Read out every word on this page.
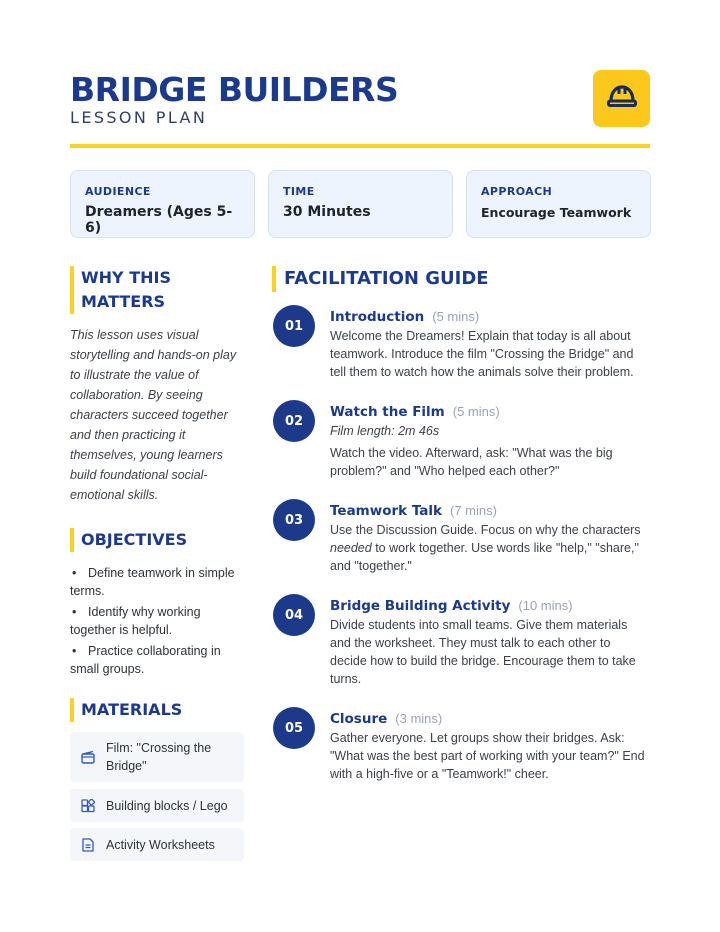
BRIDGE BUILDERS
LESSON PLAN
AUDIENCE
Dreamers (Ages 5-6)
TIME
30 Minutes
APPROACH
Encourage Teamwork
WHY THIS
MATTERS
This lesson uses visual storytelling and hands-on play to illustrate the value of collaboration. By seeing characters succeed together and then practicing it themselves, young learners build foundational social-emotional skills.
OBJECTIVES
• Define teamwork in simple terms.
• Identify why working together is helpful.
• Practice collaborating in small groups.
MATERIALS
Film: "Crossing the Bridge"
Building blocks / Lego
Activity Worksheets
FACILITATION GUIDE
01
Introduction (5 mins)
Welcome the Dreamers! Explain that today is all about teamwork. Introduce the film "Crossing the Bridge" and tell them to watch how the animals solve their problem.
02
Watch the Film (5 mins)
Film length: 2m 46s
Watch the video. Afterward, ask: "What was the big problem?" and "Who helped each other?"
03
Teamwork Talk (7 mins)
Use the Discussion Guide. Focus on why the characters needed to work together. Use words like "help," "share," and "together."
04
Bridge Building Activity (10 mins)
Divide students into small teams. Give them materials and the worksheet. They must talk to each other to decide how to build the bridge. Encourage them to take turns.
05
Closure (3 mins)
Gather everyone. Let groups show their bridges. Ask: "What was the best part of working with your team?" End with a high-five or a "Teamwork!" cheer.
